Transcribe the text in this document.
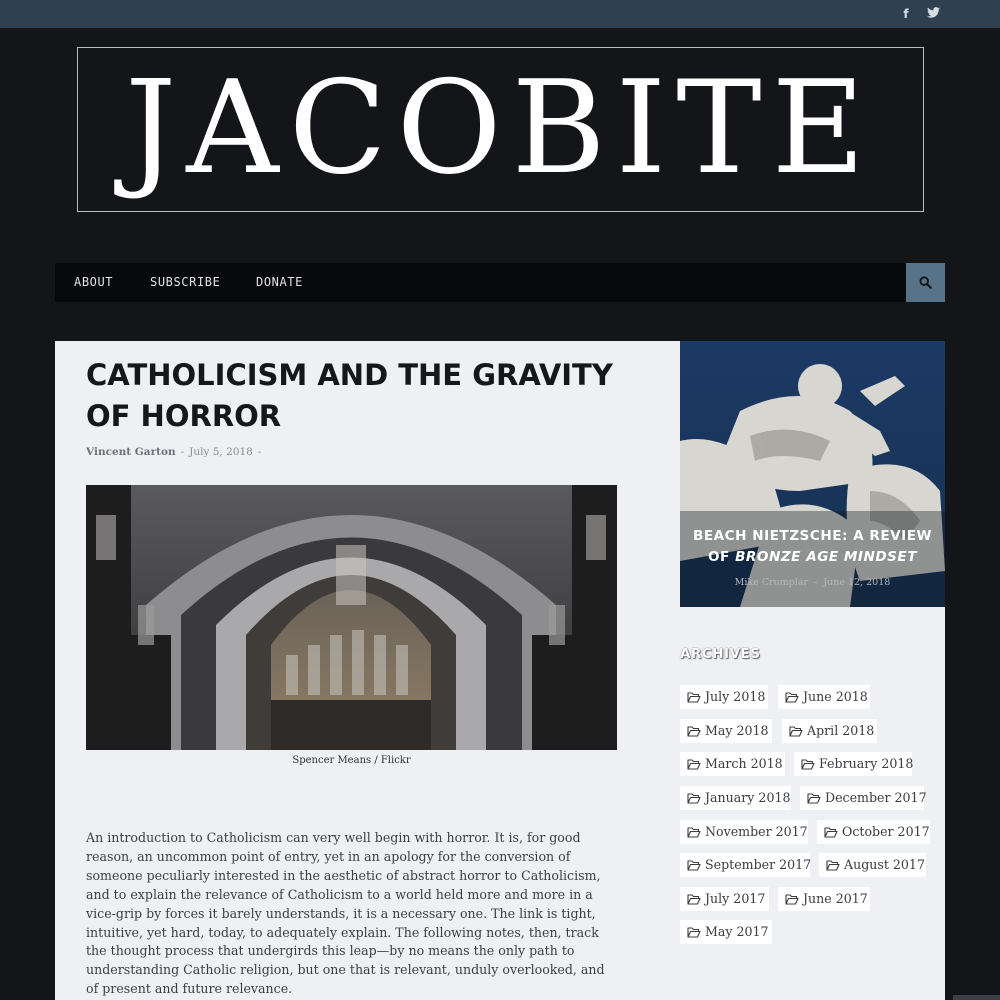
f
JACOBITE
ABOUT	SUBSCRIBE	DONATE
CATHOLICISM AND THE GRAVITY OF HORROR
Vincent Garton - July 5, 2018 -
Spencer Means / Flickr

An introduction to Catholicism can very well begin with horror. It is, for good reason, an uncommon point of entry, yet in an apology for the conversion of someone peculiarly interested in the aesthetic of abstract horror to Catholicism, and to explain the relevance of Catholicism to a world held more and more in a vice-grip by forces it barely understands, it is a necessary one. The link is tight, intuitive, yet hard, today, to adequately explain. The following notes, then, track the thought process that undergirds this leap—by no means the only path to understanding Catholic religion, but one that is relevant, unduly overlooked, and of present and future relevance.

BEACH NIETZSCHE: A REVIEW OF BRONZE AGE MINDSET
Mike Crumplar - June 12, 2018
ARCHIVES
July 2018	June 2018
May 2018	April 2018
March 2018	February 2018
January 2018	December 2017
November 2017	October 2017
September 2017	August 2017
July 2017	June 2017
May 2017
